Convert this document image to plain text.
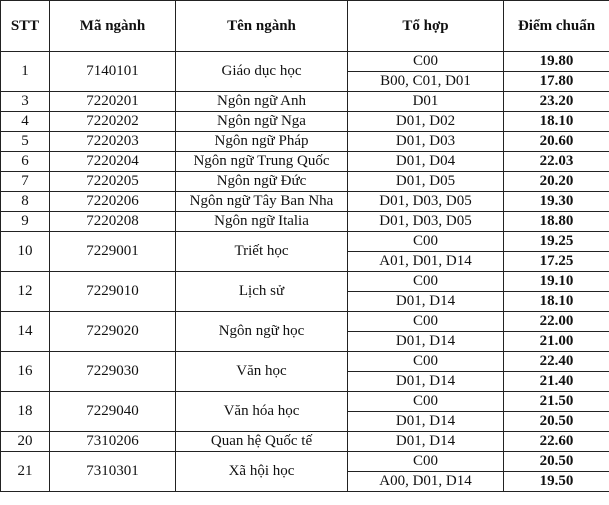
STT	Mã ngành	Tên ngành	Tổ hợp	Điểm chuẩn
1	7140101	Giáo dục học	C00	19.80
			B00, C01, D01	17.80
3	7220201	Ngôn ngữ Anh	D01	23.20
4	7220202	Ngôn ngữ Nga	D01, D02	18.10
5	7220203	Ngôn ngữ Pháp	D01, D03	20.60
6	7220204	Ngôn ngữ Trung Quốc	D01, D04	22.03
7	7220205	Ngôn ngữ Đức	D01, D05	20.20
8	7220206	Ngôn ngữ Tây Ban Nha	D01, D03, D05	19.30
9	7220208	Ngôn ngữ Italia	D01, D03, D05	18.80
10	7229001	Triết học	C00	19.25
			A01, D01, D14	17.25
12	7229010	Lịch sử	C00	19.10
			D01, D14	18.10
14	7229020	Ngôn ngữ học	C00	22.00
			D01, D14	21.00
16	7229030	Văn học	C00	22.40
			D01, D14	21.40
18	7229040	Văn hóa học	C00	21.50
			D01, D14	20.50
20	7310206	Quan hệ Quốc tế	D01, D14	22.60
21	7310301	Xã hội học	C00	20.50
			A00, D01, D14	19.50
